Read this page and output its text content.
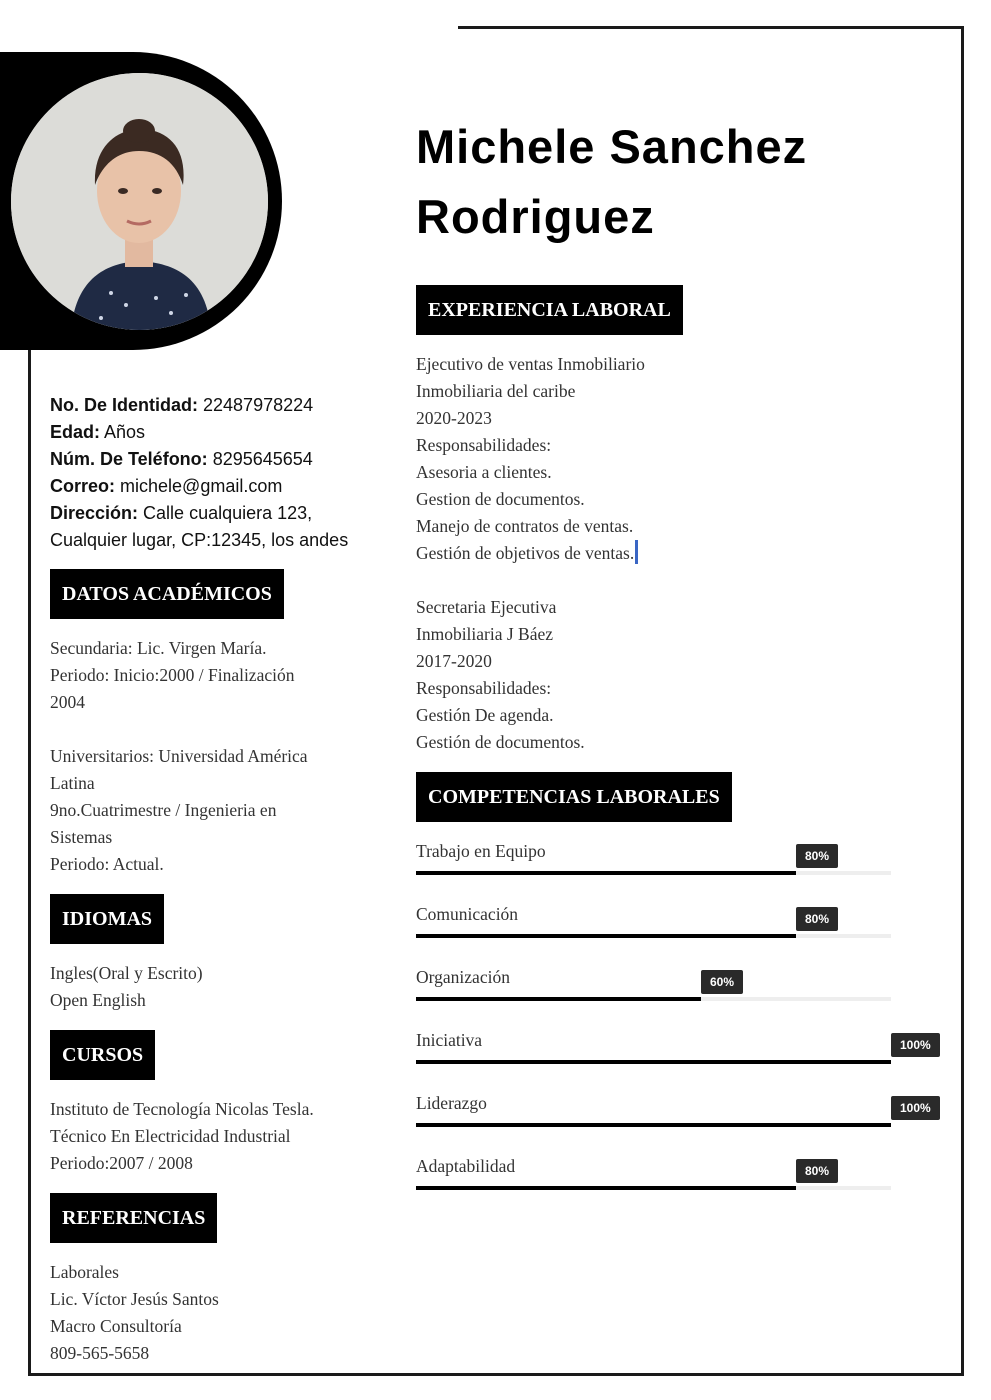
Michele Sanchez
Rodriguez
No. De Identidad: 22487978224
Edad: Años
Núm. De Teléfono: 8295645654
Correo: michele@gmail.com
Dirección: Calle cualquiera 123,
Cualquier lugar, CP:12345, los andes
DATOS ACADÉMICOS
Secundaria: Lic. Virgen María.
Periodo: Inicio:2000 / Finalización
2004

Universitarios: Universidad América
Latina
9no.Cuatrimestre / Ingenieria en
Sistemas
Periodo: Actual.
IDIOMAS
Ingles(Oral y Escrito)
Open English
CURSOS
Instituto de Tecnología Nicolas Tesla.
Técnico En Electricidad Industrial
Periodo:2007 / 2008
REFERENCIAS
Laborales
Lic. Víctor Jesús Santos
Macro Consultoría
809-565-5658
EXPERIENCIA LABORAL
Ejecutivo de ventas Inmobiliario
Inmobiliaria del caribe
2020-2023
Responsabilidades:
Asesoria a clientes.
Gestion de documentos.
Manejo de contratos de ventas.
Gestión de objetivos de ventas.

Secretaria Ejecutiva
Inmobiliaria J Báez
2017-2020
Responsabilidades:
Gestión De agenda.
Gestión de documentos.
COMPETENCIAS LABORALES
Trabajo en Equipo	80%
Comunicación	80%
Organización	60%
Iniciativa	100%
Liderazgo	100%
Adaptabilidad	80%
